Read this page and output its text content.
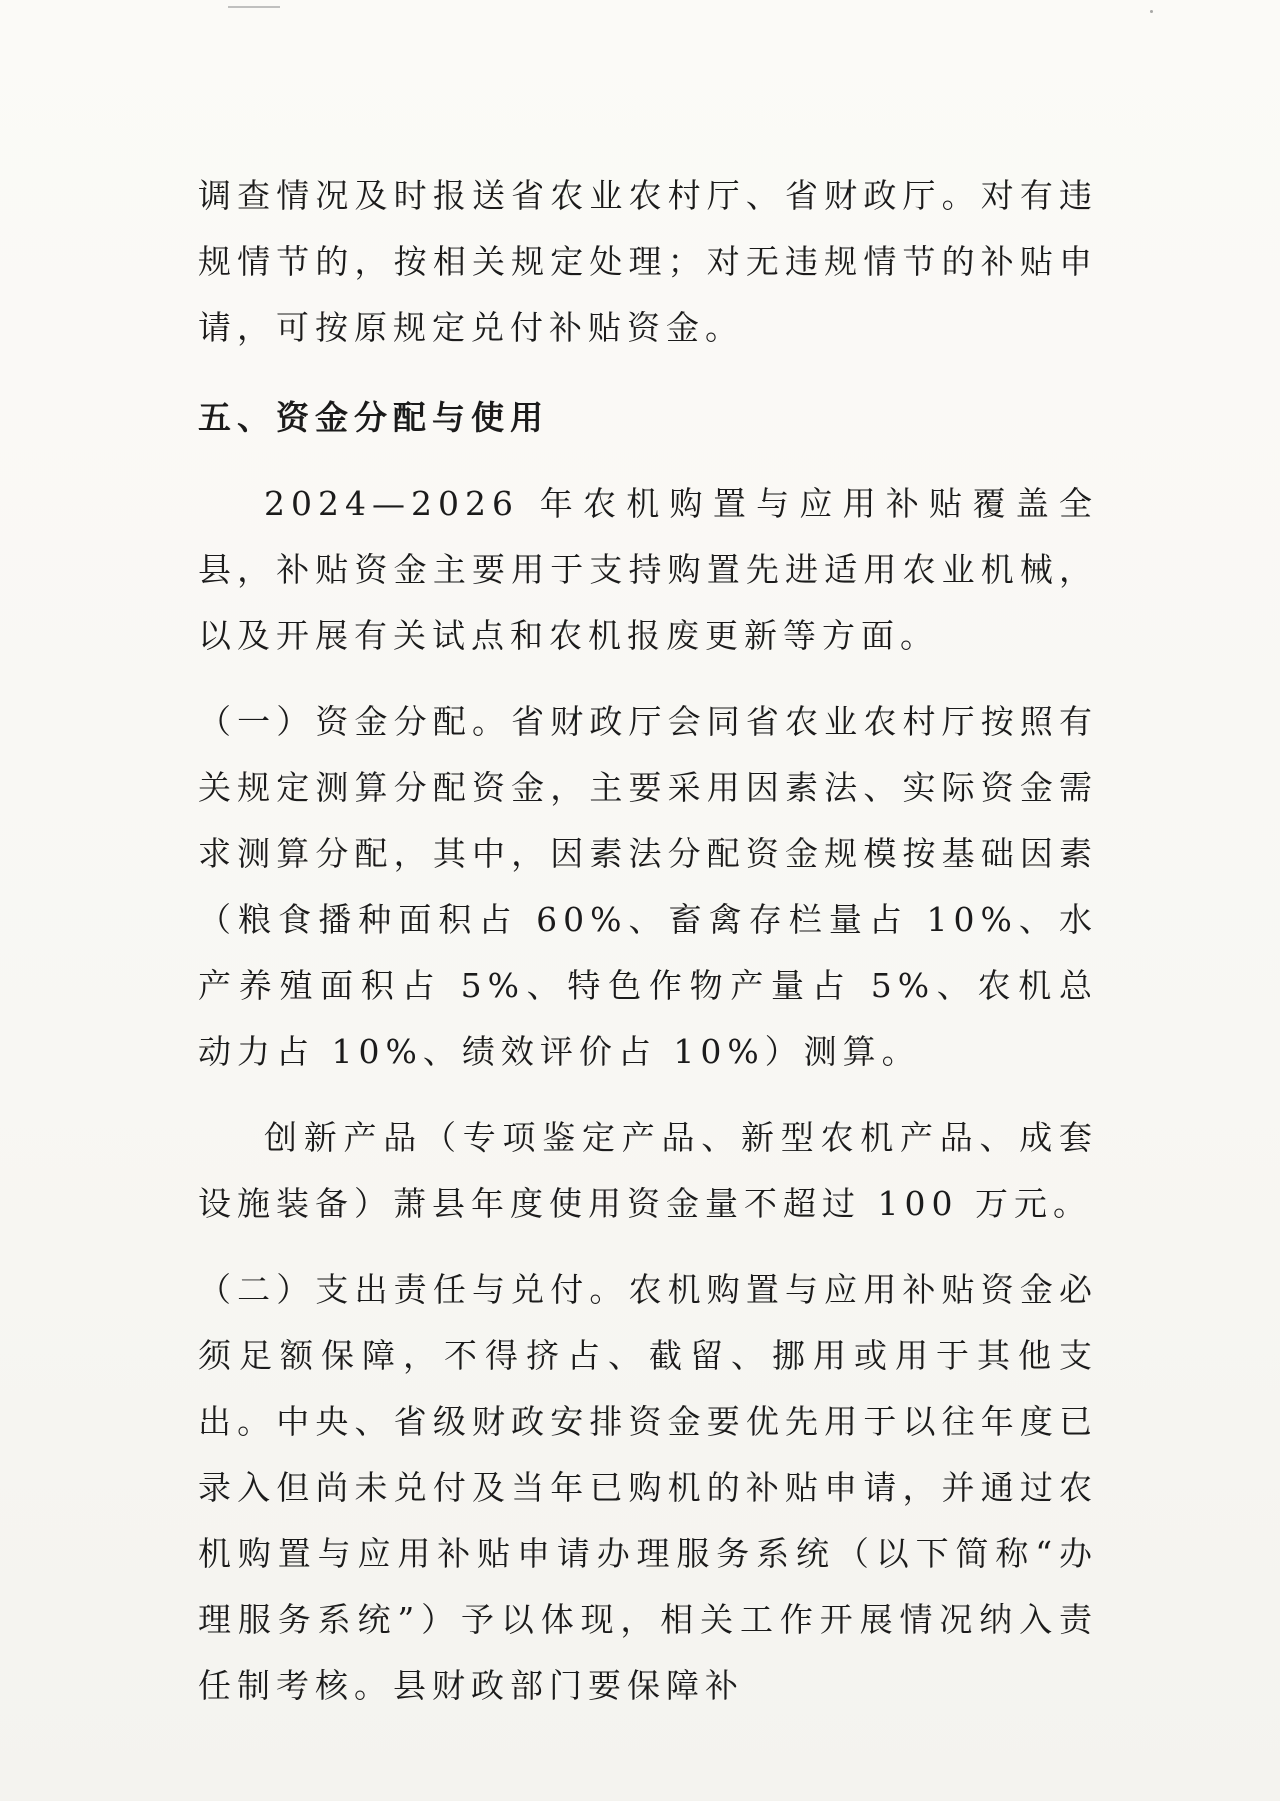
调查情况及时报送省农业农村厅、省财政厅。对有违规情节的，按相关规定处理；对无违规情节的补贴申请，可按原规定兑付补贴资金。

五、资金分配与使用

2024—2026 年农机购置与应用补贴覆盖全县，补贴资金主要用于支持购置先进适用农业机械，以及开展有关试点和农机报废更新等方面。

（一）资金分配。省财政厅会同省农业农村厅按照有关规定测算分配资金，主要采用因素法、实际资金需求测算分配，其中，因素法分配资金规模按基础因素（粮食播种面积占 60%、畜禽存栏量占 10%、水产养殖面积占 5%、特色作物产量占 5%、农机总动力占 10%、绩效评价占 10%）测算。

创新产品（专项鉴定产品、新型农机产品、成套设施装备）萧县年度使用资金量不超过 100 万元。

（二）支出责任与兑付。农机购置与应用补贴资金必须足额保障，不得挤占、截留、挪用或用于其他支出。中央、省级财政安排资金要优先用于以往年度已录入但尚未兑付及当年已购机的补贴申请，并通过农机购置与应用补贴申请办理服务系统（以下简称“办理服务系统”）予以体现，相关工作开展情况纳入责任制考核。县财政部门要保障补
